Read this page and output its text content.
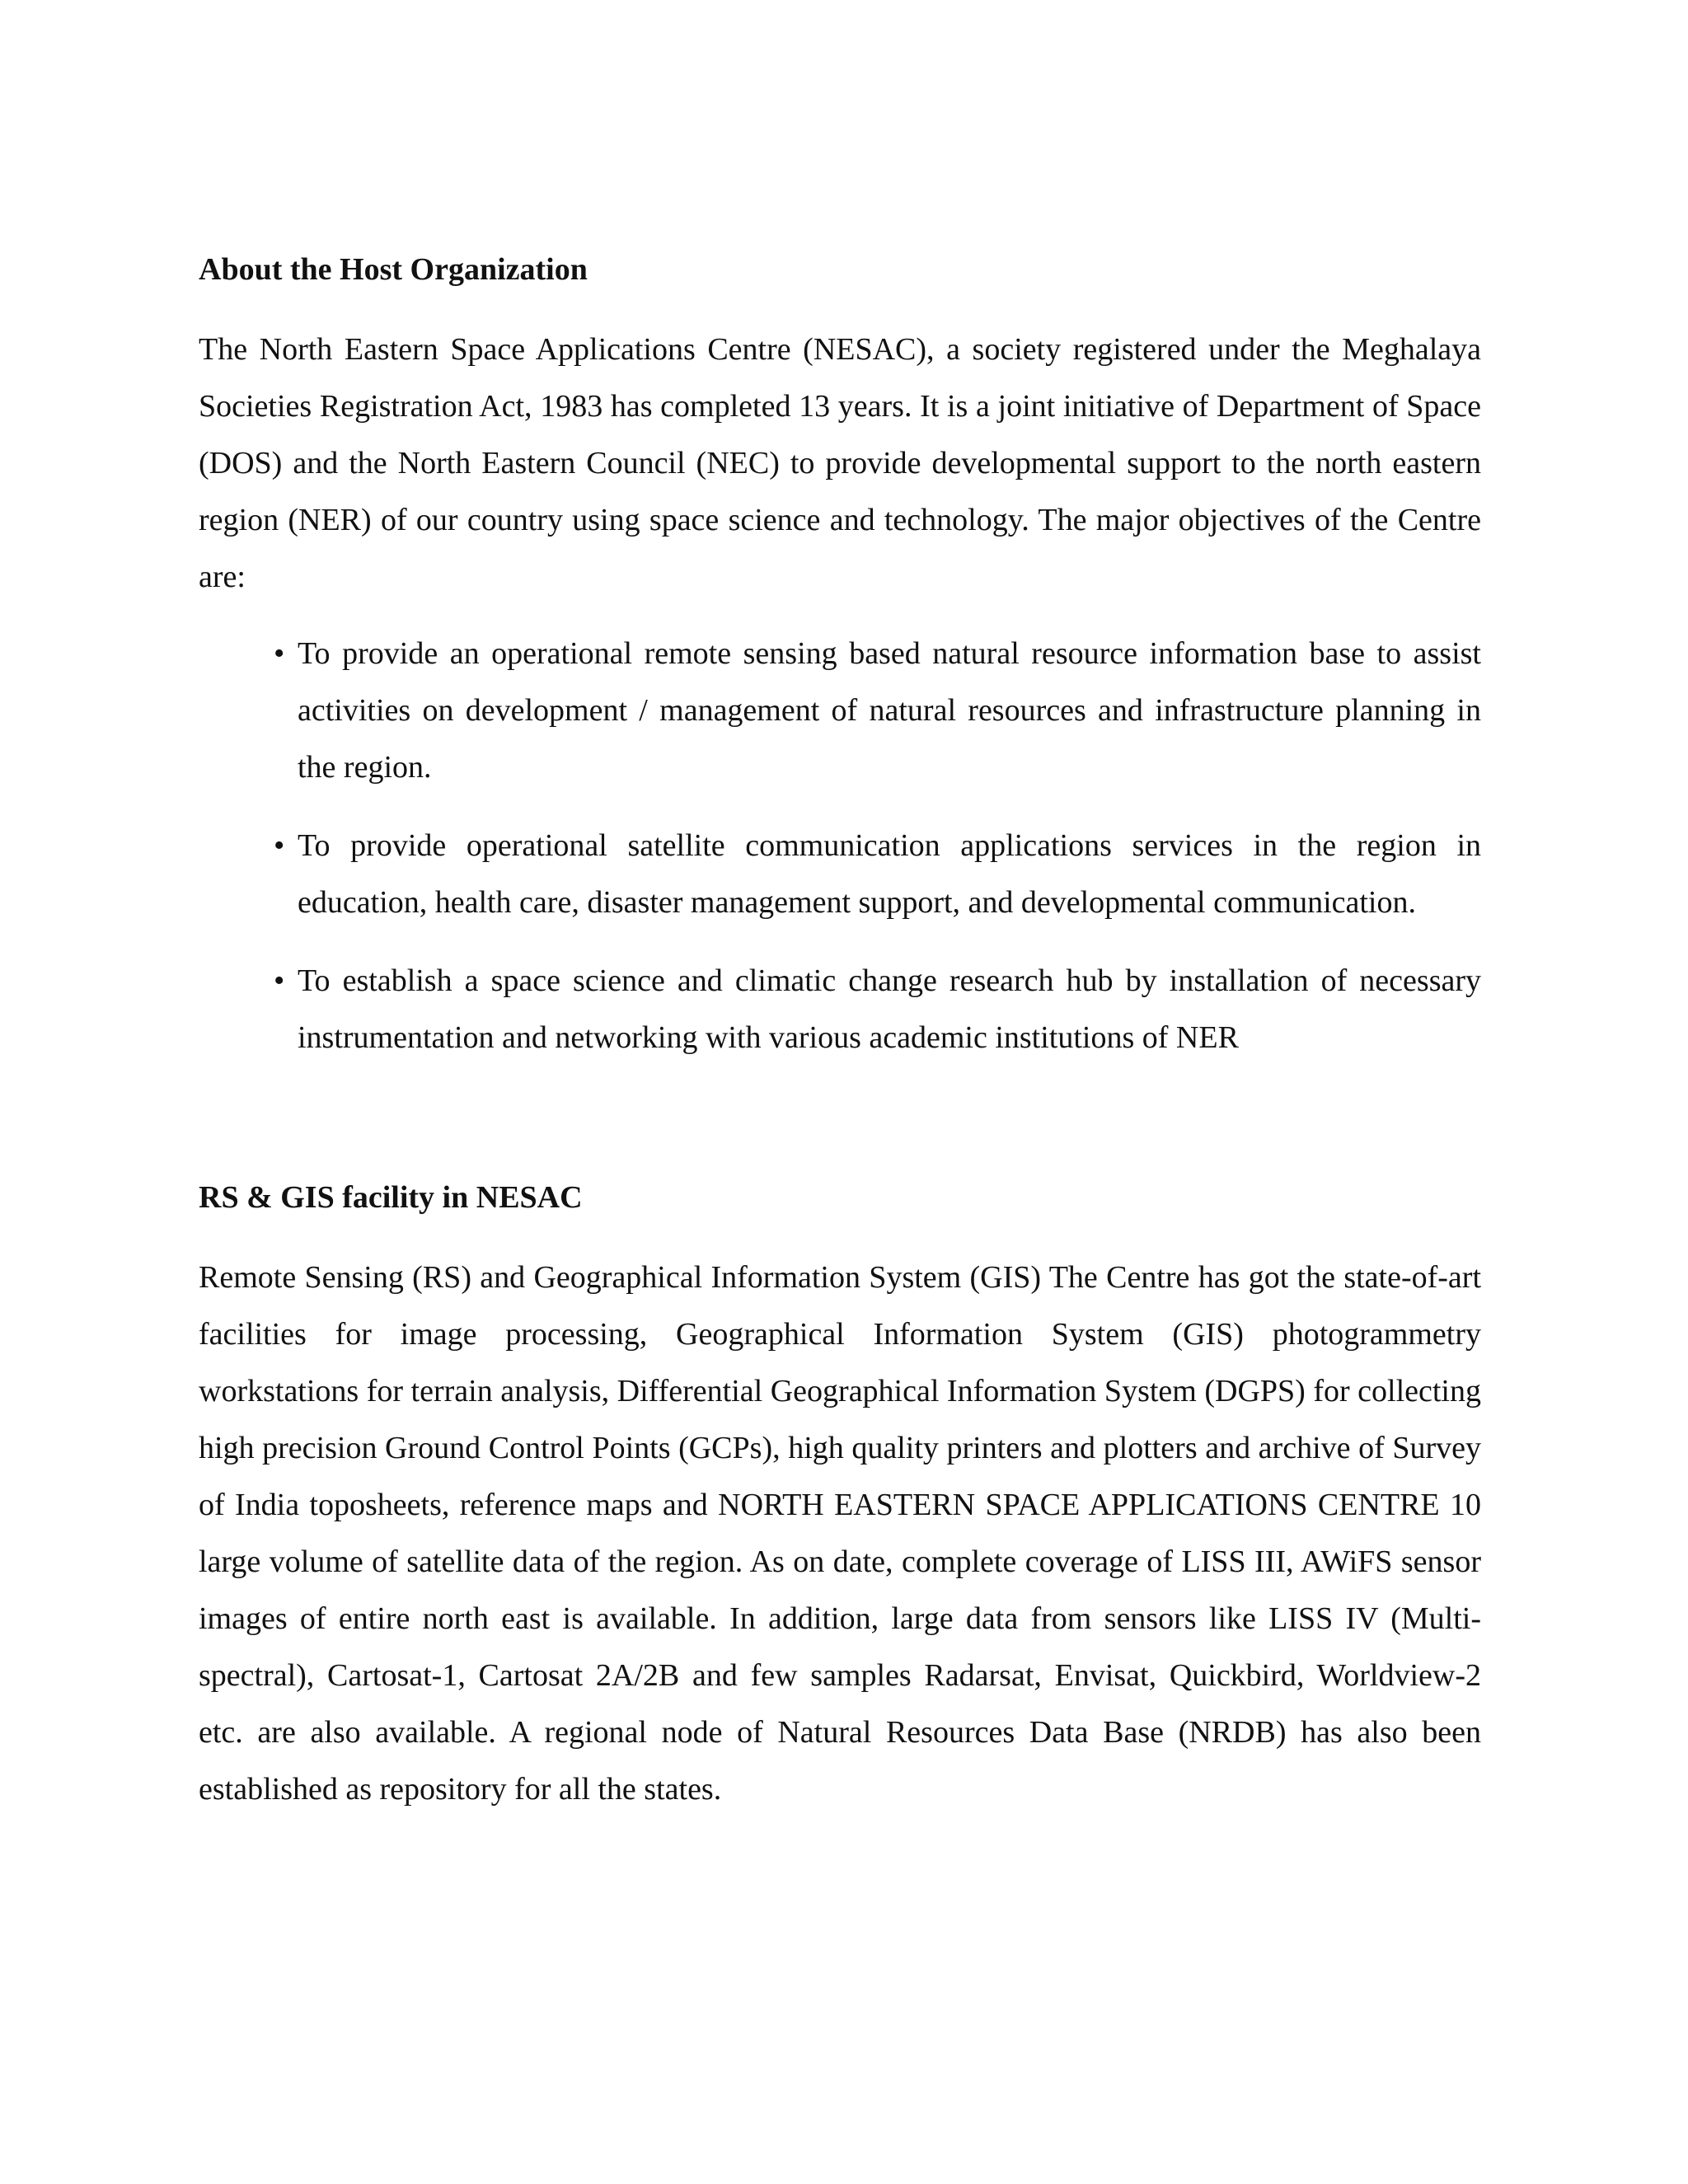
About the Host Organization

The North Eastern Space Applications Centre (NESAC), a society registered under the Meghalaya Societies Registration Act, 1983 has completed 13 years. It is a joint initiative of Department of Space (DOS) and the North Eastern Council (NEC) to provide developmental support to the north eastern region (NER) of our country using space science and technology. The major objectives of the Centre are:

• To provide an operational remote sensing based natural resource information base to assist activities on development / management of natural resources and infrastructure planning in the region.
• To provide operational satellite communication applications services in the region in education, health care, disaster management support, and developmental communication.
• To establish a space science and climatic change research hub by installation of necessary instrumentation and networking with various academic institutions of NER
RS & GIS facility in NESAC

Remote Sensing (RS) and Geographical Information System (GIS) The Centre has got the state-of-art facilities for image processing, Geographical Information System (GIS) photogrammetry workstations for terrain analysis, Differential Geographical Information System (DGPS) for collecting high precision Ground Control Points (GCPs), high quality printers and plotters and archive of Survey of India toposheets, reference maps and NORTH EASTERN SPACE APPLICATIONS CENTRE 10 large volume of satellite data of the region. As on date, complete coverage of LISS III, AWiFS sensor images of entire north east is available. In addition, large data from sensors like LISS IV (Multi-spectral), Cartosat-1, Cartosat 2A/2B and few samples Radarsat, Envisat, Quickbird, Worldview-2 etc. are also available. A regional node of Natural Resources Data Base (NRDB) has also been established as repository for all the states.
